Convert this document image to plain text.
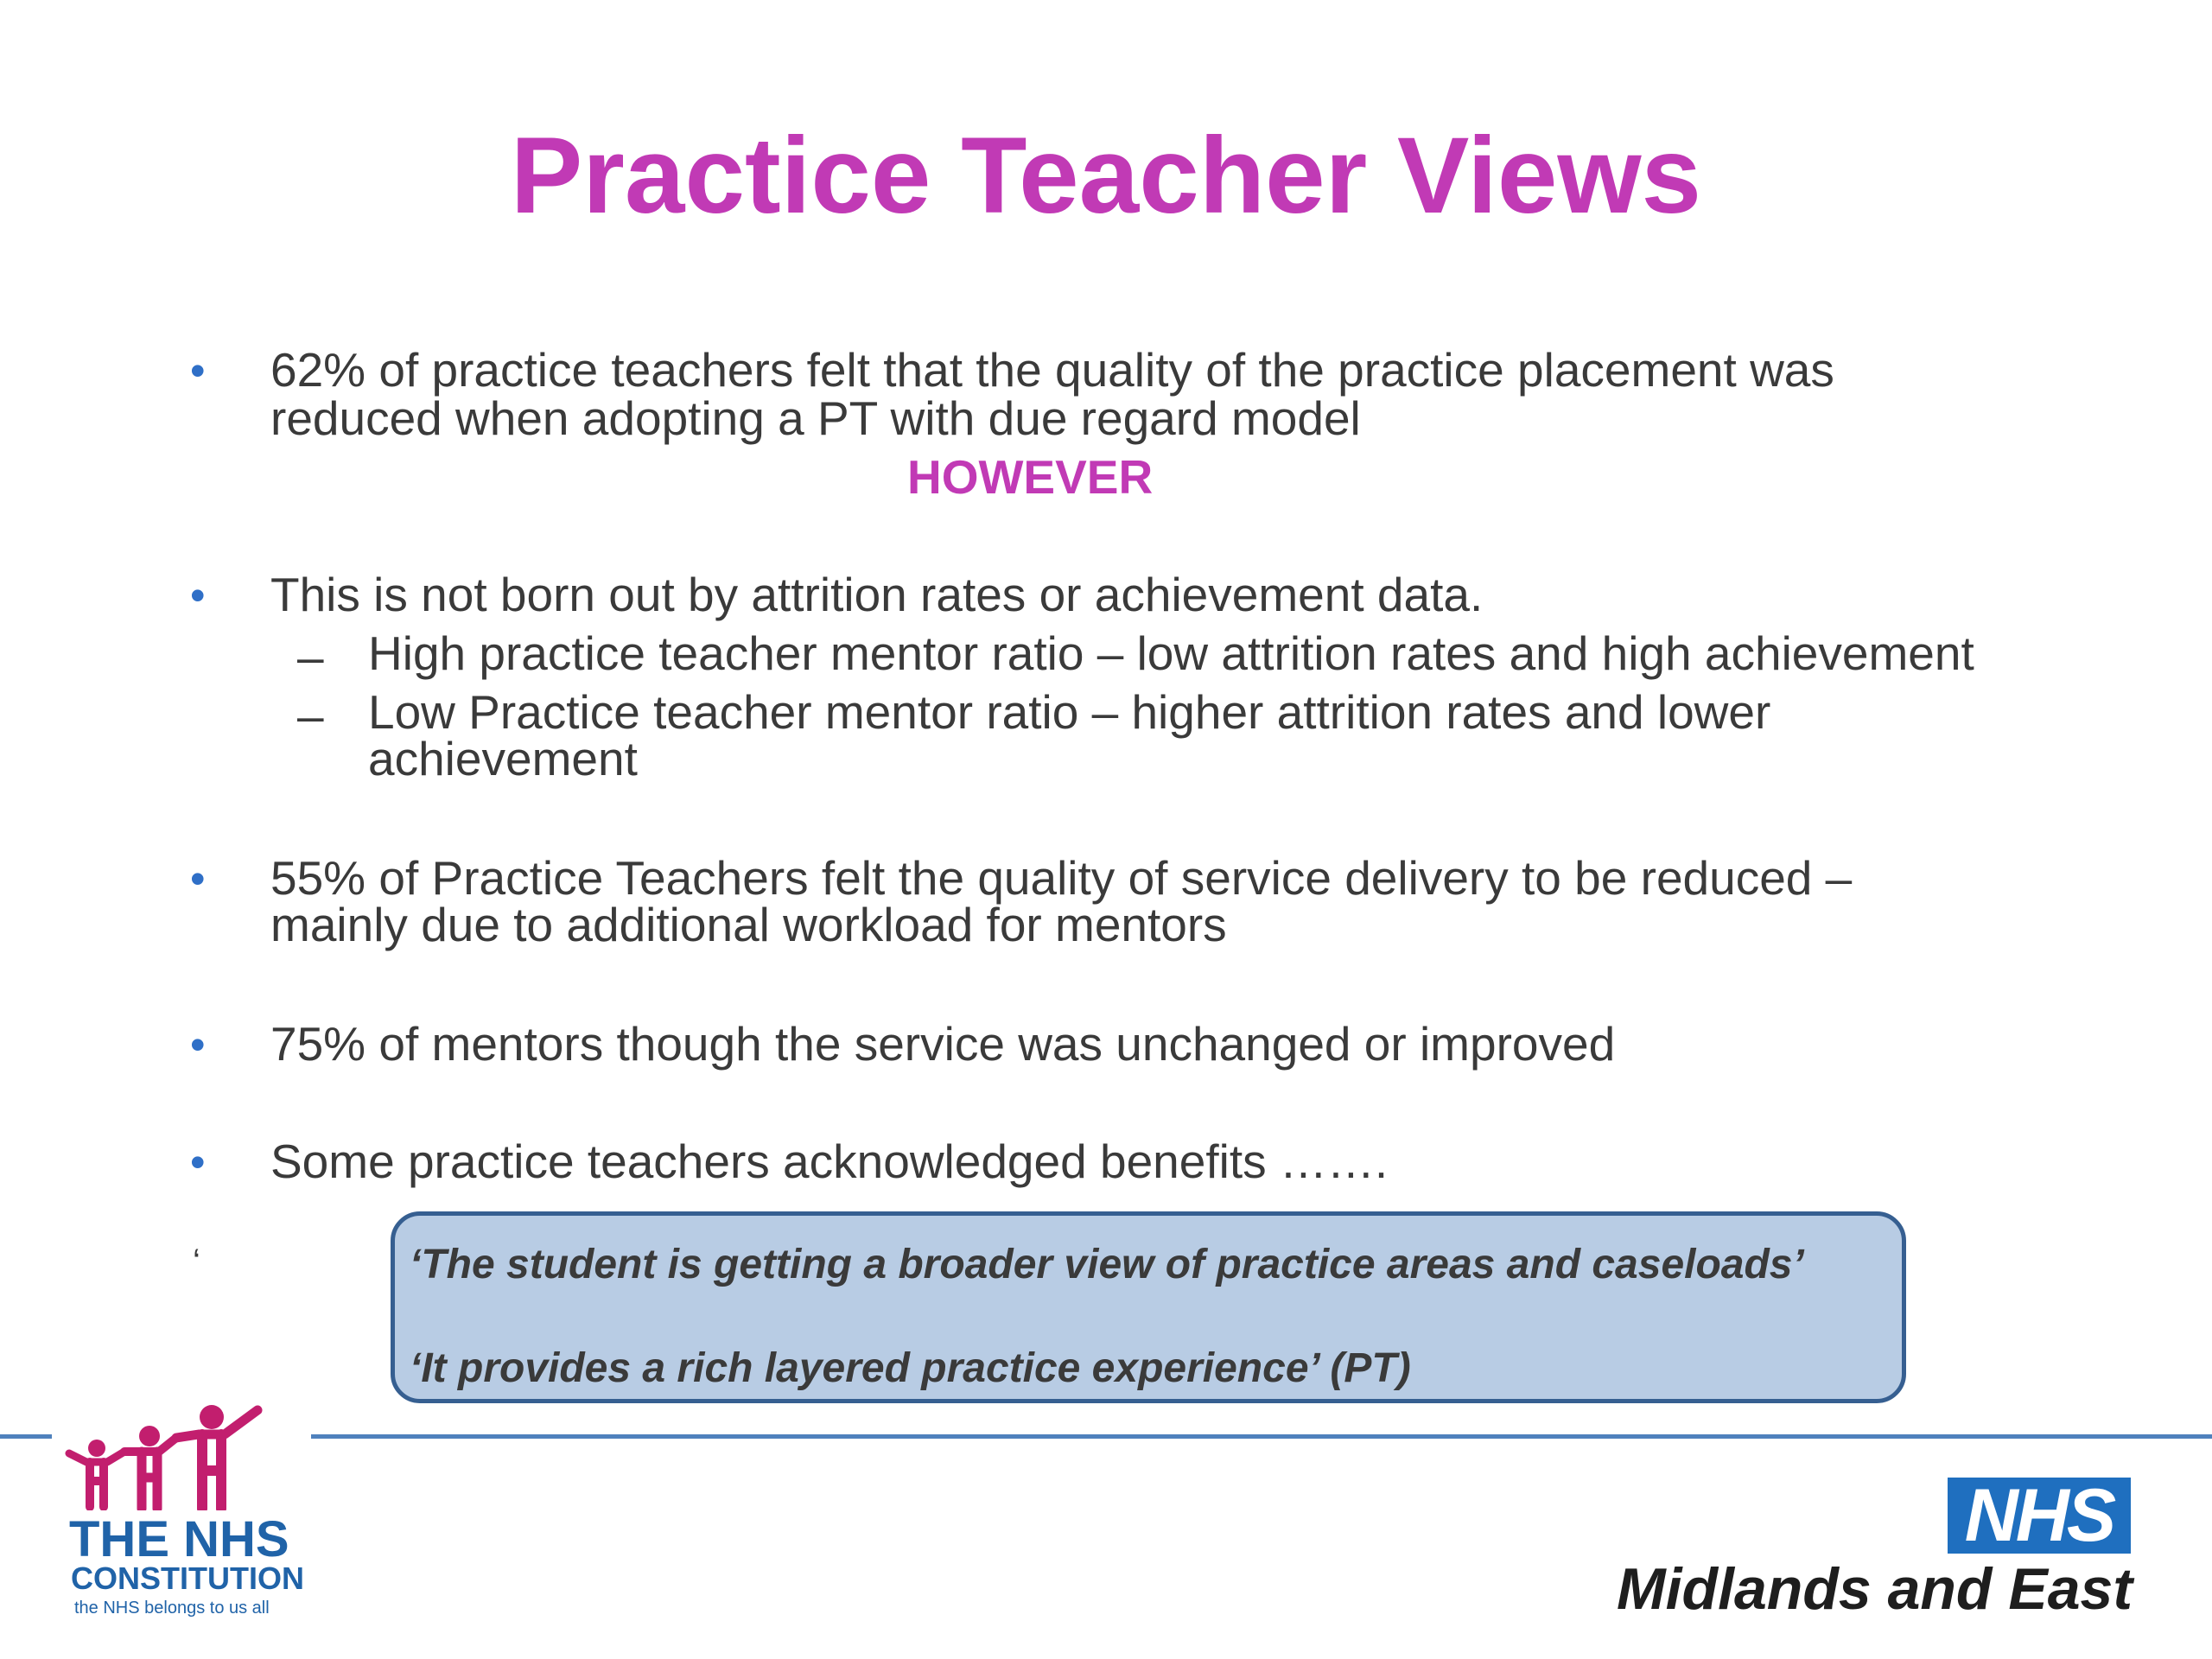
Practice Teacher Views
• 62% of practice teachers felt that the quality of the practice placement was
reduced when adopting a PT with due regard model
HOWEVER
• This is not born out by attrition rates or achievement data.
– High practice teacher mentor ratio – low attrition rates and high achievement
– Low Practice teacher mentor ratio – higher attrition rates and lower
achievement
• 55% of Practice Teachers felt the quality of service delivery to be reduced –
mainly due to additional workload for mentors
• 75% of mentors though the service was unchanged or improved
• Some practice teachers acknowledged benefits …….
‘	‘The student is getting a broader view of practice areas and caseloads’
‘It provides a rich layered practice experience’ (PT)
THE NHS
CONSTITUTION
the NHS belongs to us all
NHS
Midlands and East
